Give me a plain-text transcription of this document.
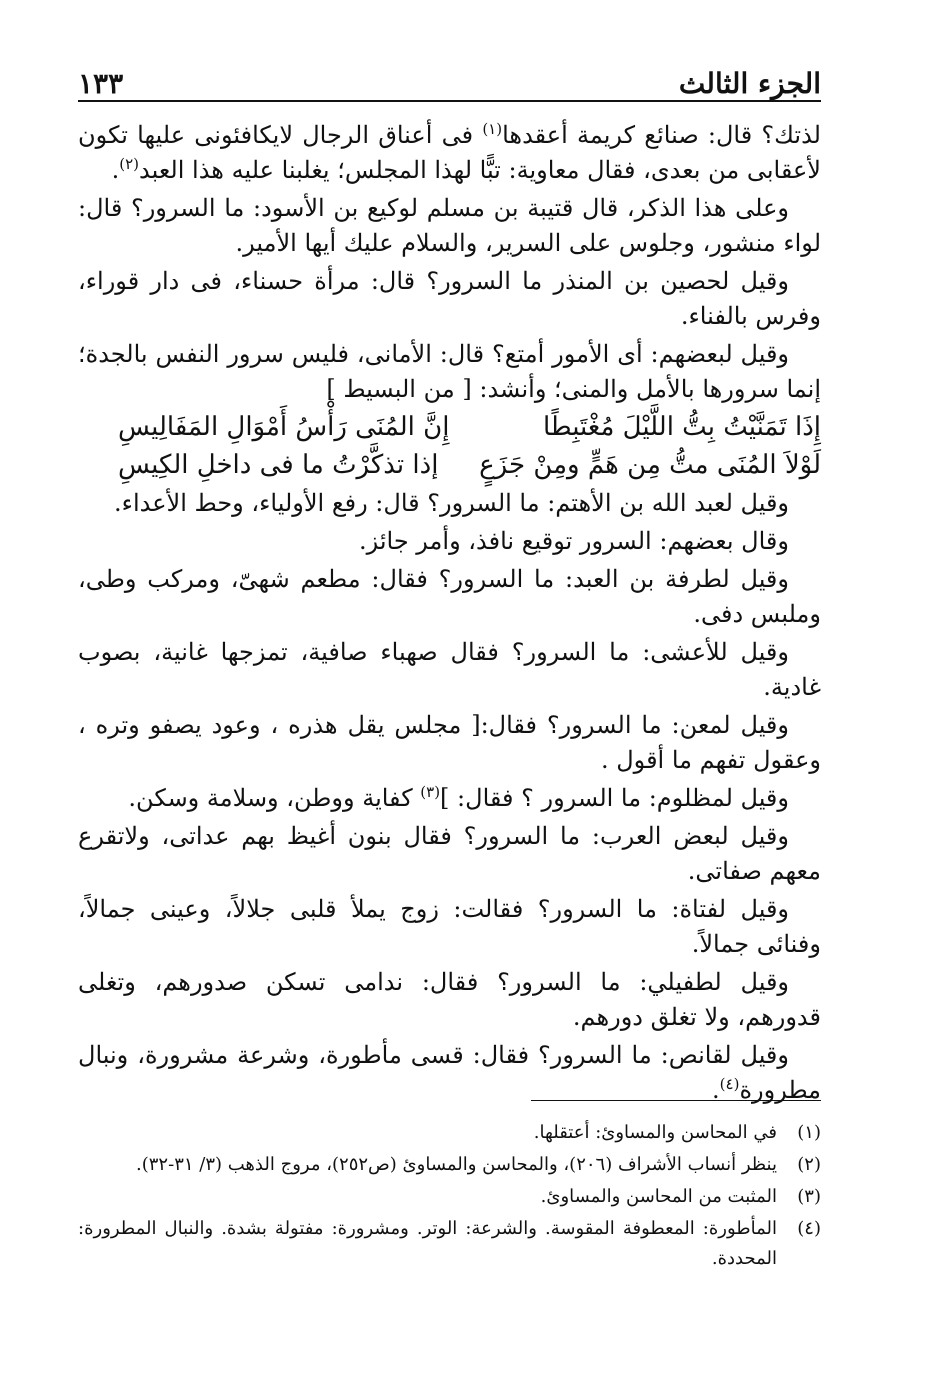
الجزء الثالث
١٣٣

لذتك؟ قال: صنائع كريمة أعقدها$^{(١)}$ فى أعناق الرجال لايكافئونى عليها تكون لأعقابى من بعدى، فقال معاوية: تبًّا لهذا المجلس؛ يغلبنا عليه هذا العبد$^{(٢)}$.

وعلى هذا الذكر، قال قتيبة بن مسلم لوكيع بن الأسود: ما السرور؟ قال: لواء منشور، وجلوس على السرير، والسلام عليك أيها الأمير.

وقيل لحصين بن المنذر ما السرور؟ قال: مرأة حسناء، فى دار قوراء، وفرس بالفناء.

وقيل لبعضهم: أى الأمور أمتع؟ قال: الأمانى، فليس سرور النفس بالجدة؛ إنما سرورها بالأمل والمنى؛ وأنشد: [ من البسيط ]

إِذَا تَمَنَّيْتُ بِتُّ اللَّيْلَ مُغْتَبِطًا
إِنَّ المُنَى رَأْسُ أَمْوَالِ المَفَالِيسِ
لَوْلاَ المُنَى متُّ مِن هَمٍّ ومِنْ جَزَعٍ
إذا تذكَّرْتُ ما فى داخلِ الكِيسِ

وقيل لعبد الله بن الأهتم: ما السرور؟ قال: رفع الأولياء، وحط الأعداء.

وقال بعضهم: السرور توقيع نافذ، وأمر جائز.

وقيل لطرفة بن العبد: ما السرور؟ فقال: مطعم شهىّ، ومركب وطى، وملبس دفى.

وقيل للأعشى: ما السرور؟ فقال صهباء صافية، تمزجها غانية، بصوب غادية.

وقيل لمعن: ما السرور؟ فقال:[ مجلس يقل هذره ، وعود يصفو وتره ، وعقول تفهم ما أقول .

وقيل لمظلوم: ما السرور ؟ فقال: ]$^{(٣)}$ كفاية ووطن، وسلامة وسكن.

وقيل لبعض العرب: ما السرور؟ فقال بنون أغيظ بهم عداتى، ولاتقرع معهم صفاتى.

وقيل لفتاة: ما السرور؟ فقالت: زوج يملأ قلبى جلالاً، وعينى جمالاً، وفنائى جمالاً.

وقيل لطفيلي: ما السرور؟ فقال: ندامى تسكن صدورهم، وتغلى قدورهم، ولا تغلق دورهم.

وقيل لقانص: ما السرور؟ فقال: قسى مأطورة، وشرعة مشرورة، ونبال مطرورة$^{(٤)}$.

(١)
في المحاسن والمساوئ: أعتقلها.
(٢)
ينظر أنساب الأشراف (٢٠٦)، والمحاسن والمساوئ (ص٢٥٢)، مروج الذهب (٣/ ٣١-٣٢).
(٣)
المثبت من المحاسن والمساوئ.
(٤)
المأطورة: المعطوفة المقوسة. والشرعة: الوتر. ومشرورة: مفتولة بشدة. والنبال المطرورة: المحددة.
